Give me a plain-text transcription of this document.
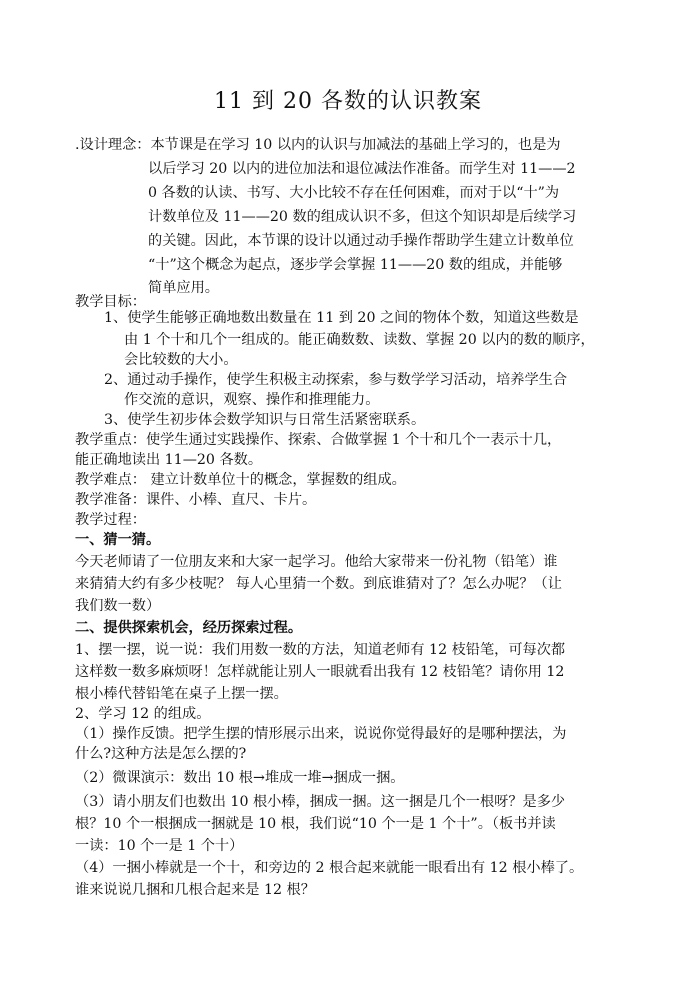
11 到 20 各数的认识教案
.设计理念：本节课是在学习 10 以内的认识与加减法的基础上学习的，也是为
以后学习 20 以内的进位加法和退位减法作准备。而学生对 11——2
0 各数的认读、书写、大小比较不存在任何困难，而对于以“十”为
计数单位及 11——20 数的组成认识不多，但这个知识却是后续学习
的关键。因此，本节课的设计以通过动手操作帮助学生建立计数单位
“十”这个概念为起点，逐步学会掌握 11——20 数的组成，并能够
简单应用。
教学目标：
1、使学生能够正确地数出数量在 11 到 20 之间的物体个数，知道这些数是
由 1 个十和几个一组成的。能正确数数、读数、掌握 20 以内的数的顺序，
会比较数的大小。
2、通过动手操作，使学生积极主动探索，参与数学学习活动，培养学生合
作交流的意识，观察、操作和推理能力。
3、使学生初步体会数学知识与日常生活紧密联系。
教学重点：使学生通过实践操作、探索、合做掌握 1 个十和几个一表示十几，
能正确地读出 11—20 各数。
教学难点： 建立计数单位十的概念，掌握数的组成。
教学准备：课件、小棒、直尺、卡片。
教学过程：
一、猜一猜。
今天老师请了一位朋友来和大家一起学习。他给大家带来一份礼物（铅笔）谁
来猜猜大约有多少枝呢？ 每人心里猜一个数。到底谁猜对了？怎么办呢？（让
我们数一数）
二、提供探索机会，经历探索过程。
1、摆一摆，说一说：我们用数一数的方法，知道老师有 12 枝铅笔，可每次都
这样数一数多麻烦呀！怎样就能让别人一眼就看出我有 12 枝铅笔？请你用 12
根小棒代替铅笔在桌子上摆一摆。
2、学习 12 的组成。
（1）操作反馈。把学生摆的情形展示出来，说说你觉得最好的是哪种摆法，为
什么?这种方法是怎么摆的?
（2）微课演示：数出 10 根→堆成一堆→捆成一捆。
（3）请小朋友们也数出 10 根小棒，捆成一捆。这一捆是几个一根呀？是多少
根？10 个一根捆成一捆就是 10 根，我们说“10 个一是 1 个十”。（板书并读
一读：10 个一是 1 个十）
（4）一捆小棒就是一个十，和旁边的 2 根合起来就能一眼看出有 12 根小棒了。
谁来说说几捆和几根合起来是 12 根？
